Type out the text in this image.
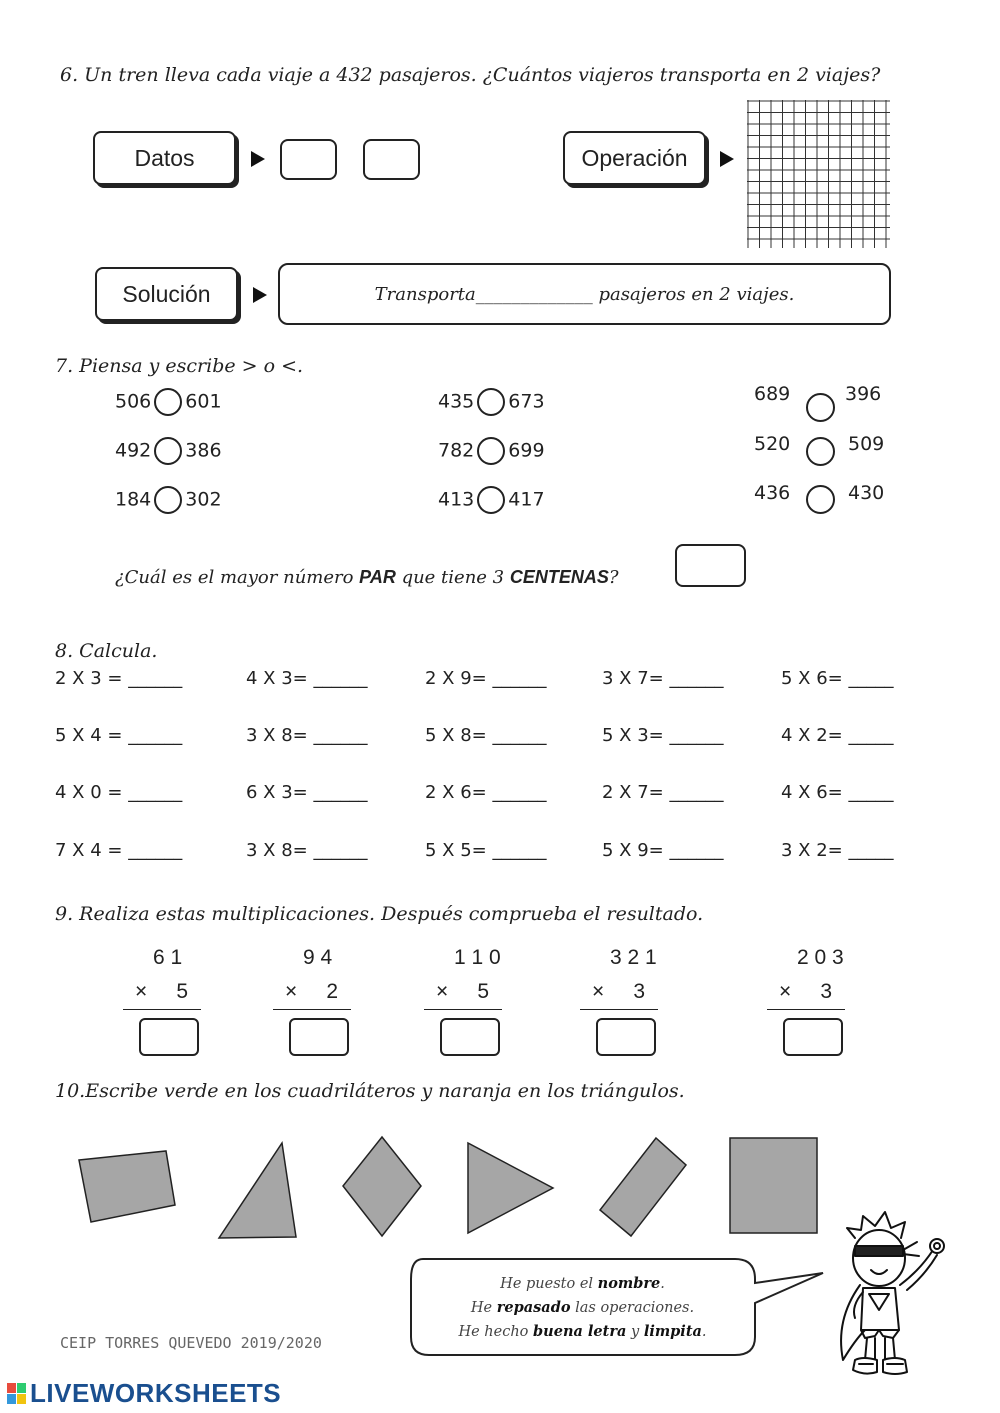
6. Un tren lleva cada viaje a 432 pasajeros. ¿Cuántos viajeros transporta en 2 viajes?
Datos	Operación
Solución	Transporta_____________ pasajeros en 2 viajes.
7. Piensa y escribe > o <.
506 601
492 386
184 302
435 673
782 699
413 417
689	396
520	509
436	430
¿Cuál es el mayor número PAR que tiene 3 CENTENAS?
8. Calcula.
2 X 3 = ______	4 X 3= ______	2 X 9= ______	3 X 7= ______	5 X 6= _____
5 X 4 = ______	3 X 8= ______	5 X 8= ______	5 X 3= ______	4 X 2= _____
4 X 0 = ______	6 X 3= ______	2 X 6= ______	2 X 7= ______	4 X 6= _____
7 X 4 = ______	3 X 8= ______	5 X 5= ______	5 X 9= ______	3 X 2= _____
9. Realiza estas multiplicaciones. Después comprueba el resultado.
6 1
×     5
9 4
×     2
1 1 0
×     5
3 2 1
×     3
2 0 3
×     3
10.Escribe verde en los cuadriláteros y naranja en los triángulos.
He puesto el nombre.
He repasado las operaciones.
He hecho buena letra y limpita.
CEIP TORRES QUEVEDO 2019/2020
LIVEWORKSHEETS
